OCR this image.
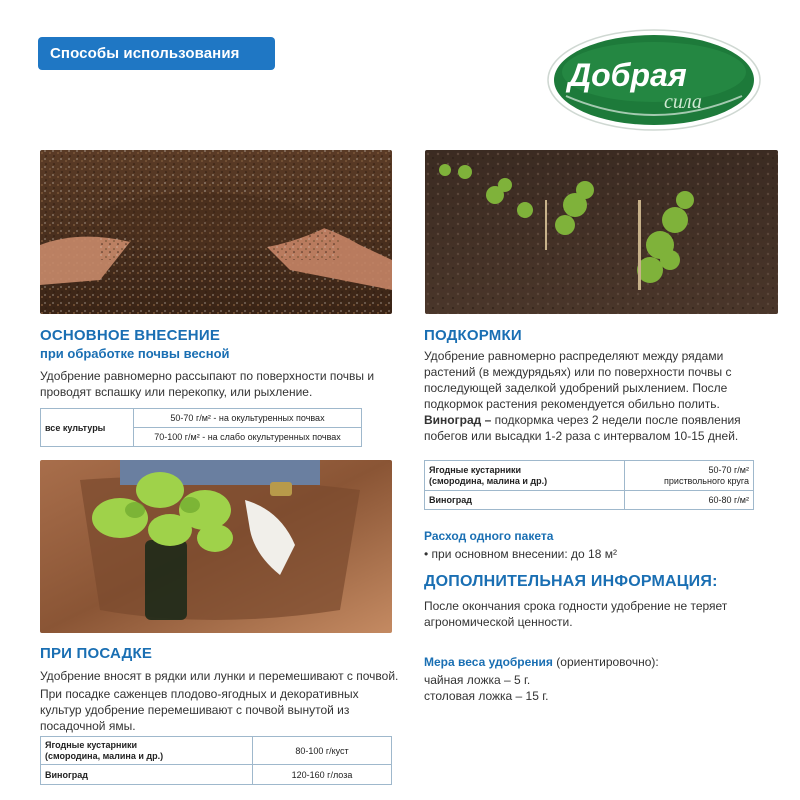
Способы использования
Добрая
сила
ОСНОВНОЕ ВНЕСЕНИЕ
при обработке почвы весной
Удобрение равномерно рассыпают по поверхности почвы и
проводят вспашку или перекопку, или рыхление.
все культуры	50-70 г/м² - на окультуренных почвах
70-100 г/м² - на слабо окультуренных почвах
ПОДКОРМКИ
Удобрение равномерно распределяют между рядами
растений (в междурядьях) или по поверхности почвы с
последующей заделкой удобрений рыхлением. После
подкормок растения рекомендуется обильно полить.
Виноград – подкормка через 2 недели после появления
побегов или высадки 1-2 раза с интервалом 10-15 дней.
Ягодные кустарники
(смородина, малина и др.)	50-70 г/м²
приствольного круга
Виноград	60-80 г/м²
Расход одного пакета
• при основном внесении: до 18 м²
ДОПОЛНИТЕЛЬНАЯ ИНФОРМАЦИЯ:
После окончания срока годности удобрение не теряет
агрономической ценности.
Мера веса удобрения (ориентировочно):
чайная ложка – 5 г.
столовая ложка – 15 г.
ПРИ ПОСАДКЕ
Удобрение вносят в рядки или лунки и перемешивают с почвой.
При посадке саженцев плодово-ягодных и декоративных
культур удобрение перемешивают с почвой вынутой из
посадочной ямы.
Ягодные кустарники
(смородина, малина и др.)	80-100 г/куст
Виноград	120-160 г/лоза
